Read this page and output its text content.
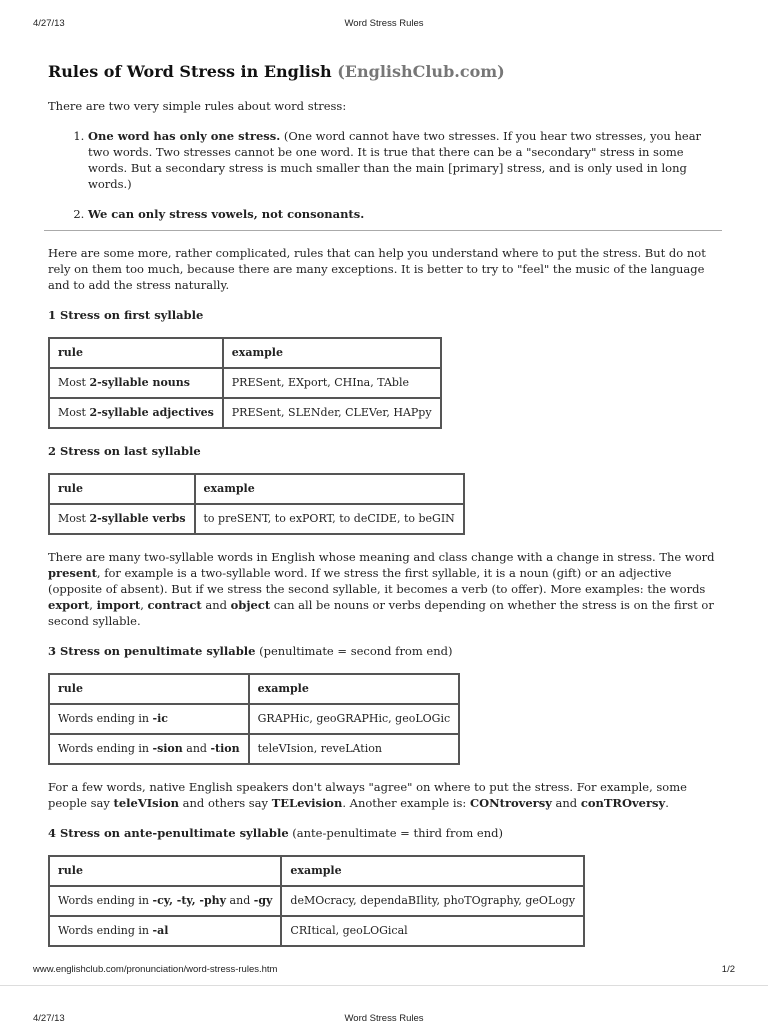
4/27/13	Word Stress Rules
Rules of Word Stress in English (EnglishClub.com)

There are two very simple rules about word stress:

1. One word has only one stress. (One word cannot have two stresses. If you hear two stresses, you hear two words. Two stresses cannot be one word. It is true that there can be a "secondary" stress in some words. But a secondary stress is much smaller than the main [primary] stress, and is only used in long words.)
2. We can only stress vowels, not consonants.

Here are some more, rather complicated, rules that can help you understand where to put the stress. But do not rely on them too much, because there are many exceptions. It is better to try to "feel" the music of the language and to add the stress naturally.

1 Stress on first syllable
rule	example
Most 2-syllable nouns	PRESent, EXport, CHIna, TAble
Most 2-syllable adjectives	PRESent, SLENder, CLEVer, HAPpy
2 Stress on last syllable
rule	example
Most 2-syllable verbs	to preSENT, to exPORT, to deCIDE, to beGIN

There are many two-syllable words in English whose meaning and class change with a change in stress. The word present, for example is a two-syllable word. If we stress the first syllable, it is a noun (gift) or an adjective (opposite of absent). But if we stress the second syllable, it becomes a verb (to offer). More examples: the words export, import, contract and object can all be nouns or verbs depending on whether the stress is on the first or second syllable.

3 Stress on penultimate syllable (penultimate = second from end)
rule	example
Words ending in -ic	GRAPHic, geoGRAPHic, geoLOGic
Words ending in -sion and -tion	teleVIsion, reveLAtion

For a few words, native English speakers don't always "agree" on where to put the stress. For example, some people say teleVIsion and others say TELevision. Another example is: CONtroversy and conTROversy.

4 Stress on ante-penultimate syllable (ante-penultimate = third from end)
rule	example
Words ending in -cy, -ty, -phy and -gy	deMOcracy, dependaBIlity, phoTOgraphy, geOLogy
Words ending in -al	CRItical, geoLOGical
www.englishclub.com/pronunciation/word-stress-rules.htm	1/2
4/27/13	Word Stress Rules
